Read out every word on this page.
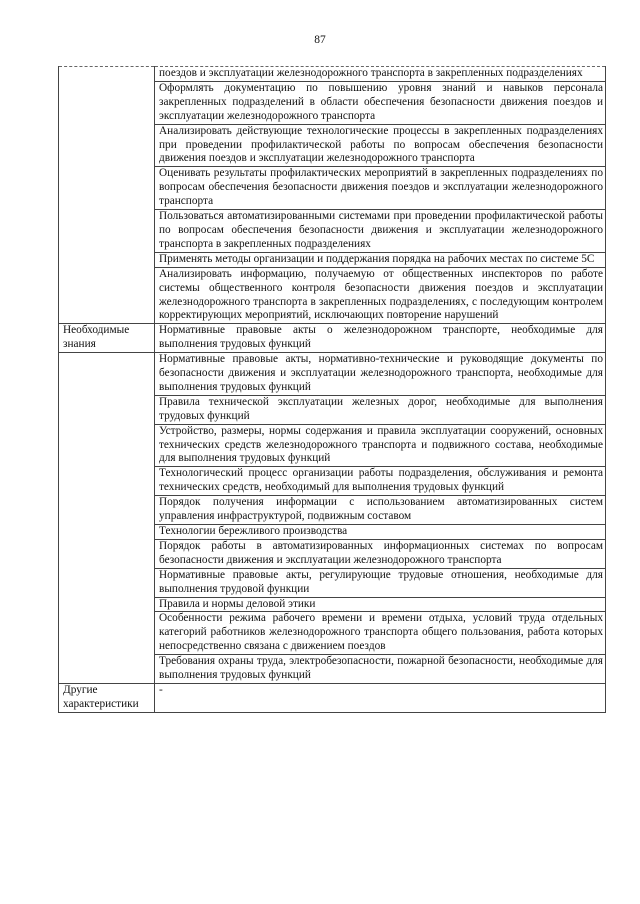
87
	поездов и эксплуатации железнодорожного транспорта в закрепленных подразделениях
	Оформлять документацию по повышению уровня знаний и навыков персонала закрепленных подразделений в области обеспечения безопасности движения поездов и эксплуатации железнодорожного транспорта
	Анализировать действующие технологические процессы в закрепленных подразделениях при проведении профилактической работы по вопросам обеспечения безопасности движения поездов и эксплуатации железнодорожного транспорта
	Оценивать результаты профилактических мероприятий в закрепленных подразделениях по вопросам обеспечения безопасности движения поездов и эксплуатации железнодорожного транспорта
	Пользоваться автоматизированными системами при проведении профилактической работы по вопросам обеспечения безопасности движения и эксплуатации железнодорожного транспорта в закрепленных подразделениях
	Применять методы организации и поддержания порядка на рабочих местах по системе 5С
	Анализировать информацию, получаемую от общественных инспекторов по работе системы общественного контроля безопасности движения поездов и эксплуатации железнодорожного транспорта в закрепленных подразделениях, с последующим контролем корректирующих мероприятий, исключающих повторение нарушений
Необходимые знания	Нормативные правовые акты о железнодорожном транспорте, необходимые для выполнения трудовых функций
	Нормативные правовые акты, нормативно-технические и руководящие документы по безопасности движения и эксплуатации железнодорожного транспорта, необходимые для выполнения трудовых функций
	Правила технической эксплуатации железных дорог, необходимые для выполнения трудовых функций
	Устройство, размеры, нормы содержания и правила эксплуатации сооружений, основных технических средств железнодорожного транспорта и подвижного состава, необходимые для выполнения трудовых функций
	Технологический процесс организации работы подразделения, обслуживания и ремонта технических средств, необходимый для выполнения трудовых функций
	Порядок получения информации с использованием автоматизированных систем управления инфраструктурой, подвижным составом
	Технологии бережливого производства
	Порядок работы в автоматизированных информационных системах по вопросам безопасности движения и эксплуатации железнодорожного транспорта
	Нормативные правовые акты, регулирующие трудовые отношения, необходимые для выполнения трудовой функции
	Правила и нормы деловой этики
	Особенности режима рабочего времени и времени отдыха, условий труда отдельных категорий работников железнодорожного транспорта общего пользования, работа которых непосредственно связана с движением поездов
	Требования охраны труда, электробезопасности, пожарной безопасности, необходимые для выполнения трудовых функций
Другие характеристики	-
